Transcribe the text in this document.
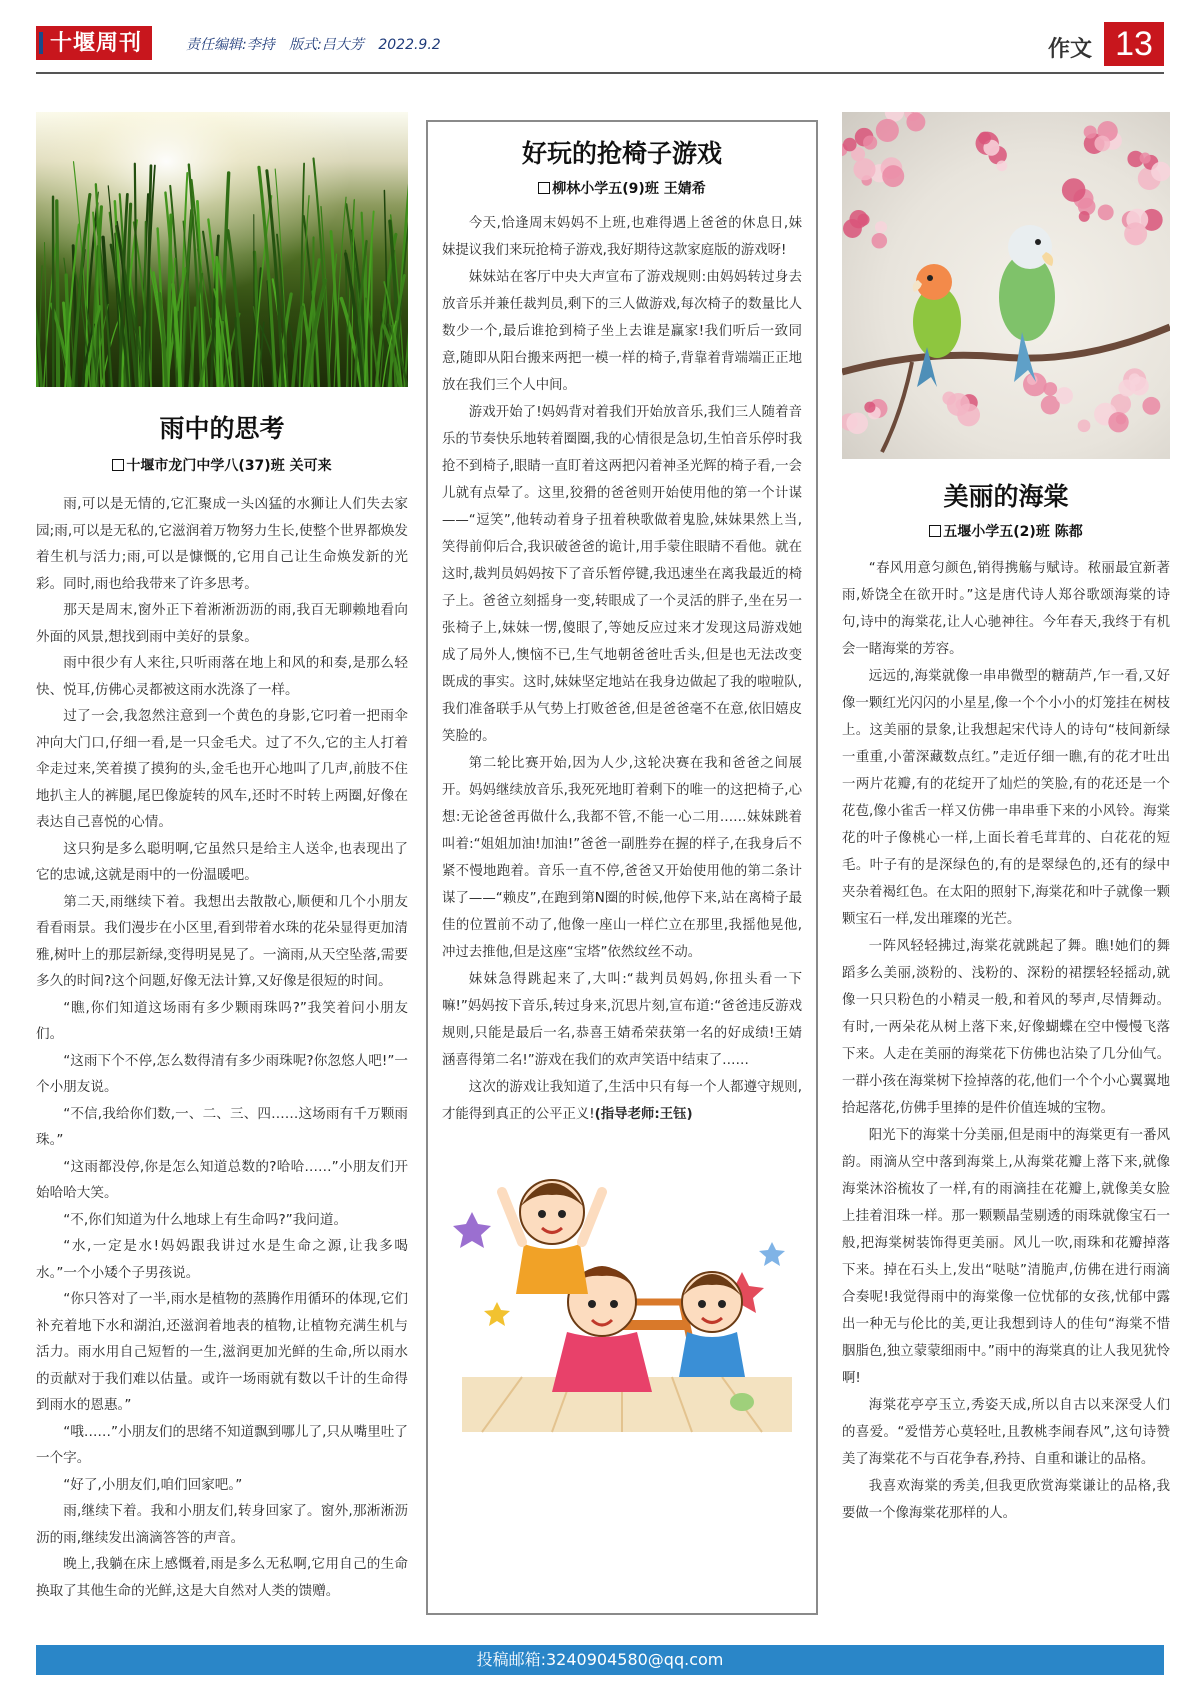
十堰周刊	责任编辑:李持 版式:吕大芳 2022.9.2	作文 13
雨中的思考
十堰市龙门中学八(37)班 关可来

雨,可以是无情的,它汇聚成一头凶猛的水狮让人们失去家园;雨,可以是无私的,它滋润着万物努力生长,使整个世界都焕发着生机与活力;雨,可以是慷慨的,它用自己让生命焕发新的光彩。同时,雨也给我带来了许多思考。

那天是周末,窗外正下着淅淅沥沥的雨,我百无聊赖地看向外面的风景,想找到雨中美好的景象。

雨中很少有人来往,只听雨落在地上和风的和奏,是那么轻快、悦耳,仿佛心灵都被这雨水洗涤了一样。

过了一会,我忽然注意到一个黄色的身影,它叼着一把雨伞冲向大门口,仔细一看,是一只金毛犬。过了不久,它的主人打着伞走过来,笑着摸了摸狗的头,金毛也开心地叫了几声,前肢不住地扒主人的裤腿,尾巴像旋转的风车,还时不时转上两圈,好像在表达自己喜悦的心情。

这只狗是多么聪明啊,它虽然只是给主人送伞,也表现出了它的忠诚,这就是雨中的一份温暖吧。

第二天,雨继续下着。我想出去散散心,顺便和几个小朋友看看雨景。我们漫步在小区里,看到带着水珠的花朵显得更加清雅,树叶上的那层新绿,变得明晃晃了。一滴雨,从天空坠落,需要多久的时间?这个问题,好像无法计算,又好像是很短的时间。

“瞧,你们知道这场雨有多少颗雨珠吗?”我笑着问小朋友们。

“这雨下个不停,怎么数得清有多少雨珠呢?你忽悠人吧!”一个小朋友说。

“不信,我给你们数,一、二、三、四……这场雨有千万颗雨珠。”

“这雨都没停,你是怎么知道总数的?哈哈……”小朋友们开始哈哈大笑。

“不,你们知道为什么地球上有生命吗?”我问道。

“水,一定是水!妈妈跟我讲过水是生命之源,让我多喝水。”一个小矮个子男孩说。

“你只答对了一半,雨水是植物的蒸腾作用循环的体现,它们补充着地下水和湖泊,还滋润着地表的植物,让植物充满生机与活力。雨水用自己短暂的一生,滋润更加光鲜的生命,所以雨水的贡献对于我们难以估量。或许一场雨就有数以千计的生命得到雨水的恩惠。”

“哦……”小朋友们的思绪不知道飘到哪儿了,只从嘴里吐了一个字。

“好了,小朋友们,咱们回家吧。”

雨,继续下着。我和小朋友们,转身回家了。窗外,那淅淅沥沥的雨,继续发出滴滴答答的声音。

晚上,我躺在床上感慨着,雨是多么无私啊,它用自己的生命换取了其他生命的光鲜,这是大自然对人类的馈赠。

好玩的抢椅子游戏
柳林小学五(9)班 王婧希

今天,恰逢周末妈妈不上班,也难得遇上爸爸的休息日,妹妹提议我们来玩抢椅子游戏,我好期待这款家庭版的游戏呀!

妹妹站在客厅中央大声宣布了游戏规则:由妈妈转过身去放音乐并兼任裁判员,剩下的三人做游戏,每次椅子的数量比人数少一个,最后谁抢到椅子坐上去谁是赢家!我们听后一致同意,随即从阳台搬来两把一模一样的椅子,背靠着背端端正正地放在我们三个人中间。

游戏开始了!妈妈背对着我们开始放音乐,我们三人随着音乐的节奏快乐地转着圈圈,我的心情很是急切,生怕音乐停时我抢不到椅子,眼睛一直盯着这两把闪着神圣光辉的椅子看,一会儿就有点晕了。这里,狡猾的爸爸则开始使用他的第一个计谋——“逗笑”,他转动着身子扭着秧歌做着鬼脸,妹妹果然上当,笑得前仰后合,我识破爸爸的诡计,用手蒙住眼睛不看他。就在这时,裁判员妈妈按下了音乐暂停键,我迅速坐在离我最近的椅子上。爸爸立刻摇身一变,转眼成了一个灵活的胖子,坐在另一张椅子上,妹妹一愣,傻眼了,等她反应过来才发现这局游戏她成了局外人,懊恼不已,生气地朝爸爸吐舌头,但是也无法改变既成的事实。这时,妹妹坚定地站在我身边做起了我的啦啦队,我们准备联手从气势上打败爸爸,但是爸爸毫不在意,依旧嬉皮笑脸的。

第二轮比赛开始,因为人少,这轮决赛在我和爸爸之间展开。妈妈继续放音乐,我死死地盯着剩下的唯一的这把椅子,心想:无论爸爸再做什么,我都不管,不能一心二用……妹妹跳着叫着:“姐姐加油!加油!”爸爸一副胜券在握的样子,在我身后不紧不慢地跑着。音乐一直不停,爸爸又开始使用他的第二条计谋了——“赖皮”,在跑到第N圈的时候,他停下来,站在离椅子最佳的位置前不动了,他像一座山一样伫立在那里,我摇他晃他,冲过去推他,但是这座“宝塔”依然纹丝不动。

妹妹急得跳起来了,大叫:“裁判员妈妈,你扭头看一下嘛!”妈妈按下音乐,转过身来,沉思片刻,宣布道:“爸爸违反游戏规则,只能是最后一名,恭喜王婧希荣获第一名的好成绩!王婧涵喜得第二名!”游戏在我们的欢声笑语中结束了……

这次的游戏让我知道了,生活中只有每一个人都遵守规则,才能得到真正的公平正义!(指导老师:王钰)

美丽的海棠
五堰小学五(2)班 陈都

“春风用意匀颜色,销得携觞与赋诗。秾丽最宜新著雨,娇饶全在欲开时。”这是唐代诗人郑谷歌颂海棠的诗句,诗中的海棠花,让人心驰神往。今年春天,我终于有机会一睹海棠的芳容。

远远的,海棠就像一串串微型的糖葫芦,乍一看,又好像一颗红光闪闪的小星星,像一个个小小的灯笼挂在树枝上。这美丽的景象,让我想起宋代诗人的诗句“枝间新绿一重重,小蕾深藏数点红。”走近仔细一瞧,有的花才吐出一两片花瓣,有的花绽开了灿烂的笑脸,有的花还是一个花苞,像小雀舌一样又仿佛一串串垂下来的小风铃。海棠花的叶子像桃心一样,上面长着毛茸茸的、白花花的短毛。叶子有的是深绿色的,有的是翠绿色的,还有的绿中夹杂着褐红色。在太阳的照射下,海棠花和叶子就像一颗颗宝石一样,发出璀璨的光芒。

一阵风轻轻拂过,海棠花就跳起了舞。瞧!她们的舞蹈多么美丽,淡粉的、浅粉的、深粉的裙摆轻轻摇动,就像一只只粉色的小精灵一般,和着风的琴声,尽情舞动。有时,一两朵花从树上落下来,好像蝴蝶在空中慢慢飞落下来。人走在美丽的海棠花下仿佛也沾染了几分仙气。一群小孩在海棠树下捡掉落的花,他们一个个小心翼翼地拾起落花,仿佛手里捧的是件价值连城的宝物。

阳光下的海棠十分美丽,但是雨中的海棠更有一番风韵。雨滴从空中落到海棠上,从海棠花瓣上落下来,就像海棠沐浴梳妆了一样,有的雨滴挂在花瓣上,就像美女脸上挂着泪珠一样。那一颗颗晶莹剔透的雨珠就像宝石一般,把海棠树装饰得更美丽。风儿一吹,雨珠和花瓣掉落下来。掉在石头上,发出“哒哒”清脆声,仿佛在进行雨滴合奏呢!我觉得雨中的海棠像一位忧郁的女孩,忧郁中露出一种无与伦比的美,更让我想到诗人的佳句“海棠不惜胭脂色,独立蒙蒙细雨中。”雨中的海棠真的让人我见犹怜啊!

海棠花亭亭玉立,秀姿天成,所以自古以来深受人们的喜爱。“爱惜芳心莫轻吐,且教桃李闹春风”,这句诗赞美了海棠花不与百花争春,矜持、自重和谦让的品格。

我喜欢海棠的秀美,但我更欣赏海棠谦让的品格,我要做一个像海棠花那样的人。

投稿邮箱:3240904580@qq.com
